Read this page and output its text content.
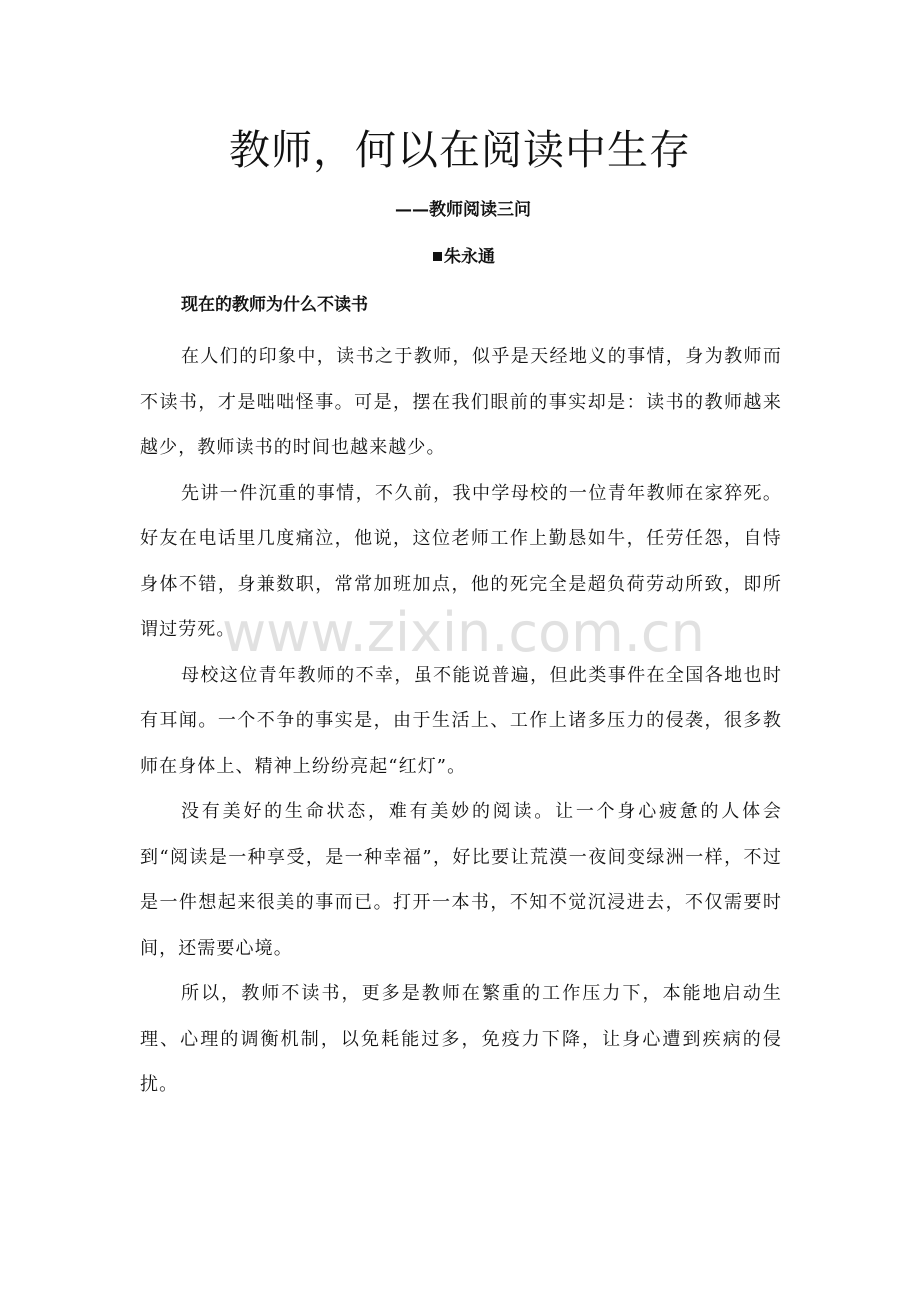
教师，何以在阅读中生存
——教师阅读三问
朱永通
现在的教师为什么不读书

在人们的印象中，读书之于教师，似乎是天经地义的事情，身为教师而不读书，才是咄咄怪事。可是，摆在我们眼前的事实却是：读书的教师越来越少，教师读书的时间也越来越少。

先讲一件沉重的事情，不久前，我中学母校的一位青年教师在家猝死。好友在电话里几度痛泣，他说，这位老师工作上勤恳如牛，任劳任怨，自恃身体不错，身兼数职，常常加班加点，他的死完全是超负荷劳动所致，即所谓过劳死。

母校这位青年教师的不幸，虽不能说普遍，但此类事件在全国各地也时有耳闻。一个不争的事实是，由于生活上、工作上诸多压力的侵袭，很多教师在身体上、精神上纷纷亮起“红灯”。

没有美好的生命状态，难有美妙的阅读。让一个身心疲惫的人体会到“阅读是一种享受，是一种幸福”，好比要让荒漠一夜间变绿洲一样，不过是一件想起来很美的事而已。打开一本书，不知不觉沉浸进去，不仅需要时间，还需要心境。

所以，教师不读书，更多是教师在繁重的工作压力下，本能地启动生理、心理的调衡机制，以免耗能过多，免疫力下降，让身心遭到疾病的侵扰。

www.zixin.com.cn
